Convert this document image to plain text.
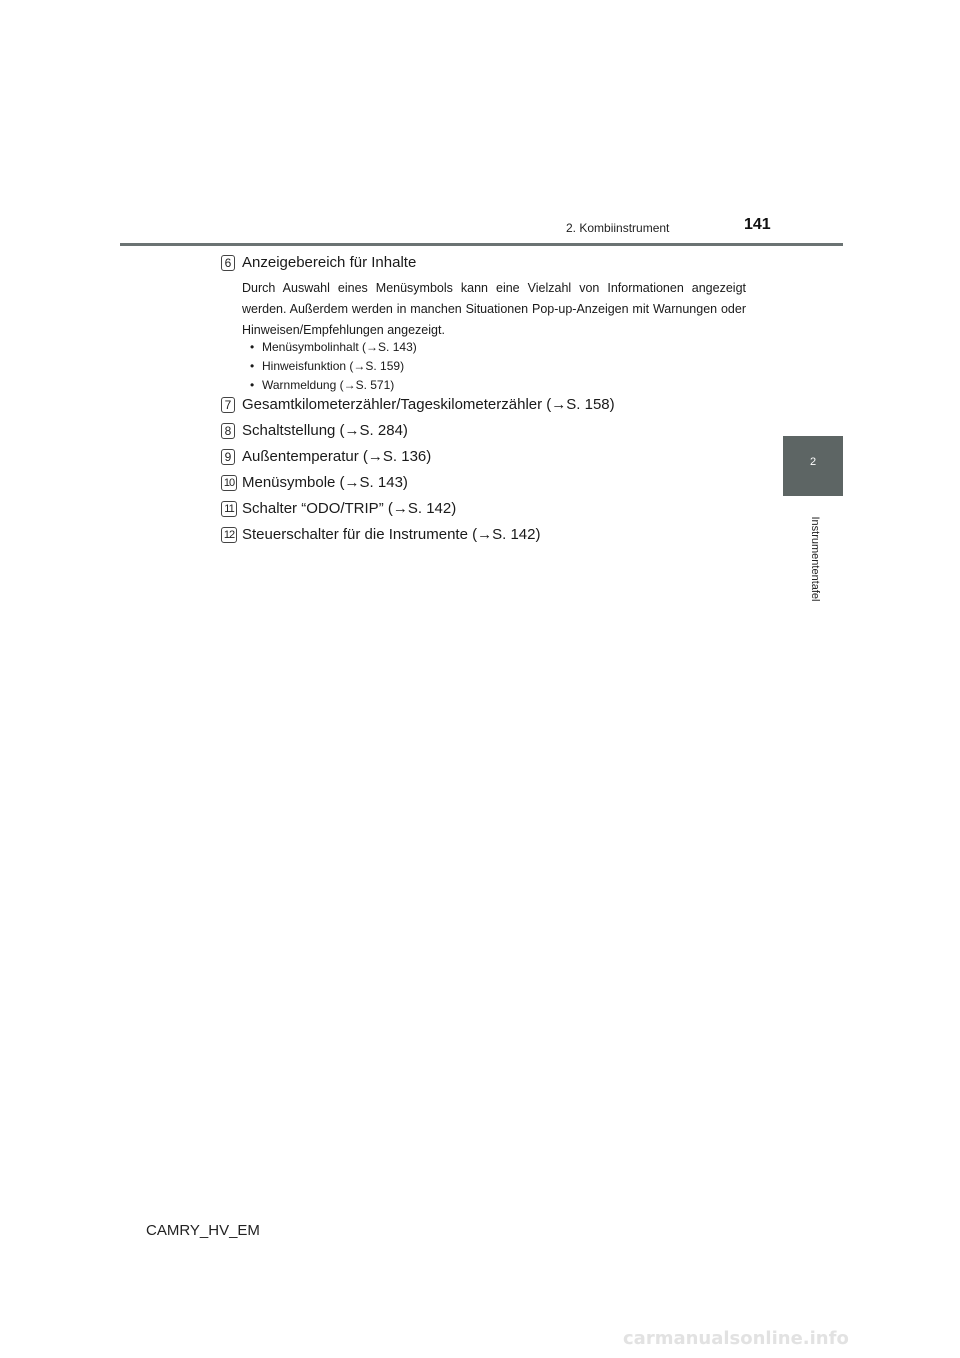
2. Kombiinstrument	141
2
Instrumententafel
6 Anzeigebereich für Inhalte
Durch Auswahl eines Menüsymbols kann eine Vielzahl von Informationen angezeigt werden. Außerdem werden in manchen Situationen Pop-up-Anzeigen mit Warnungen oder Hinweisen/Empfehlungen angezeigt.
• Menüsymbolinhalt (→S. 143)
• Hinweisfunktion (→S. 159)
• Warnmeldung (→S. 571)
7 Gesamtkilometerzähler/Tageskilometerzähler (→S. 158)
8 Schaltstellung (→S. 284)
9 Außentemperatur (→S. 136)
10 Menüsymbole (→S. 143)
11 Schalter “ODO/TRIP” (→S. 142)
12 Steuerschalter für die Instrumente (→S. 142)
CAMRY_HV_EM
carmanualsonline.info
